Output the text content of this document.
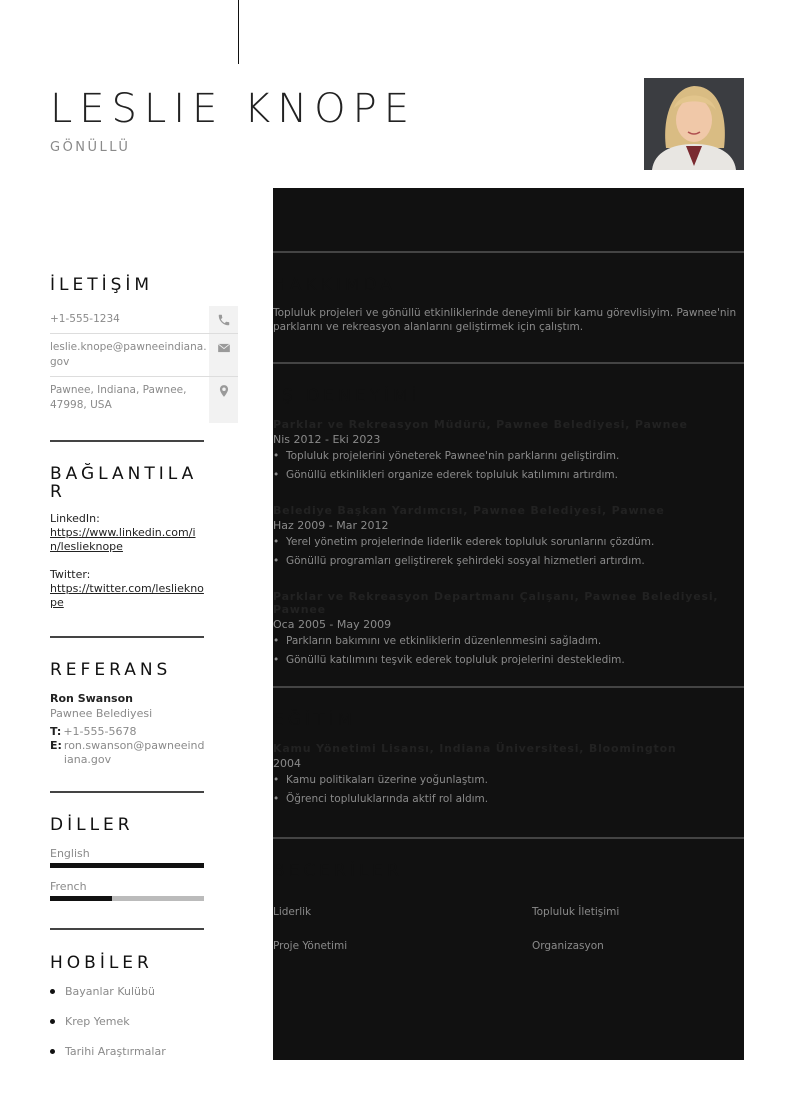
LESLIE KNOPE
GÖNÜLLÜ
İLETİŞİM
+1-555-1234
leslie.knope@pawneeindiana.gov
Pawnee, Indiana, Pawnee, 47998, USA
BAĞLANTILAR
LinkedIn:
https://www.linkedin.com/in/leslieknope
Twitter:
https://twitter.com/leslieknope
REFERANS
Ron Swanson
Pawnee Belediyesi
T: +1-555-5678
E: ron.swanson@pawneeindiana.gov
DİLLER
English
French
HOBİLER
Bayanlar Kulübü
Krep Yemek
Tarihi Araştırmalar
HAKKIMDA
Topluluk projeleri ve gönüllü etkinliklerinde deneyimli bir kamu görevlisiyim. Pawnee'nin parklarını ve rekreasyon alanlarını geliştirmek için çalıştım.
İŞ DENEYİMİ
Parklar ve Rekreasyon Müdürü, Pawnee Belediyesi, Pawnee
Nis 2012 - Eki 2023
• Topluluk projelerini yöneterek Pawnee'nin parklarını geliştirdim.
• Gönüllü etkinlikleri organize ederek topluluk katılımını artırdım.
Belediye Başkan Yardımcısı, Pawnee Belediyesi, Pawnee
Haz 2009 - Mar 2012
• Yerel yönetim projelerinde liderlik ederek topluluk sorunlarını çözdüm.
• Gönüllü programları geliştirerek şehirdeki sosyal hizmetleri artırdım.
Parklar ve Rekreasyon Departmanı Çalışanı, Pawnee Belediyesi, Pawnee
Oca 2005 - May 2009
• Parkların bakımını ve etkinliklerin düzenlenmesini sağladım.
• Gönüllü katılımını teşvik ederek topluluk projelerini destekledim.
EĞİTİM
Kamu Yönetimi Lisansı, Indiana Üniversitesi, Bloomington
2004
• Kamu politikaları üzerine yoğunlaştım.
• Öğrenci topluluklarında aktif rol aldım.
BECERİLER
Liderlik	Topluluk İletişimi
Proje Yönetimi	Organizasyon
